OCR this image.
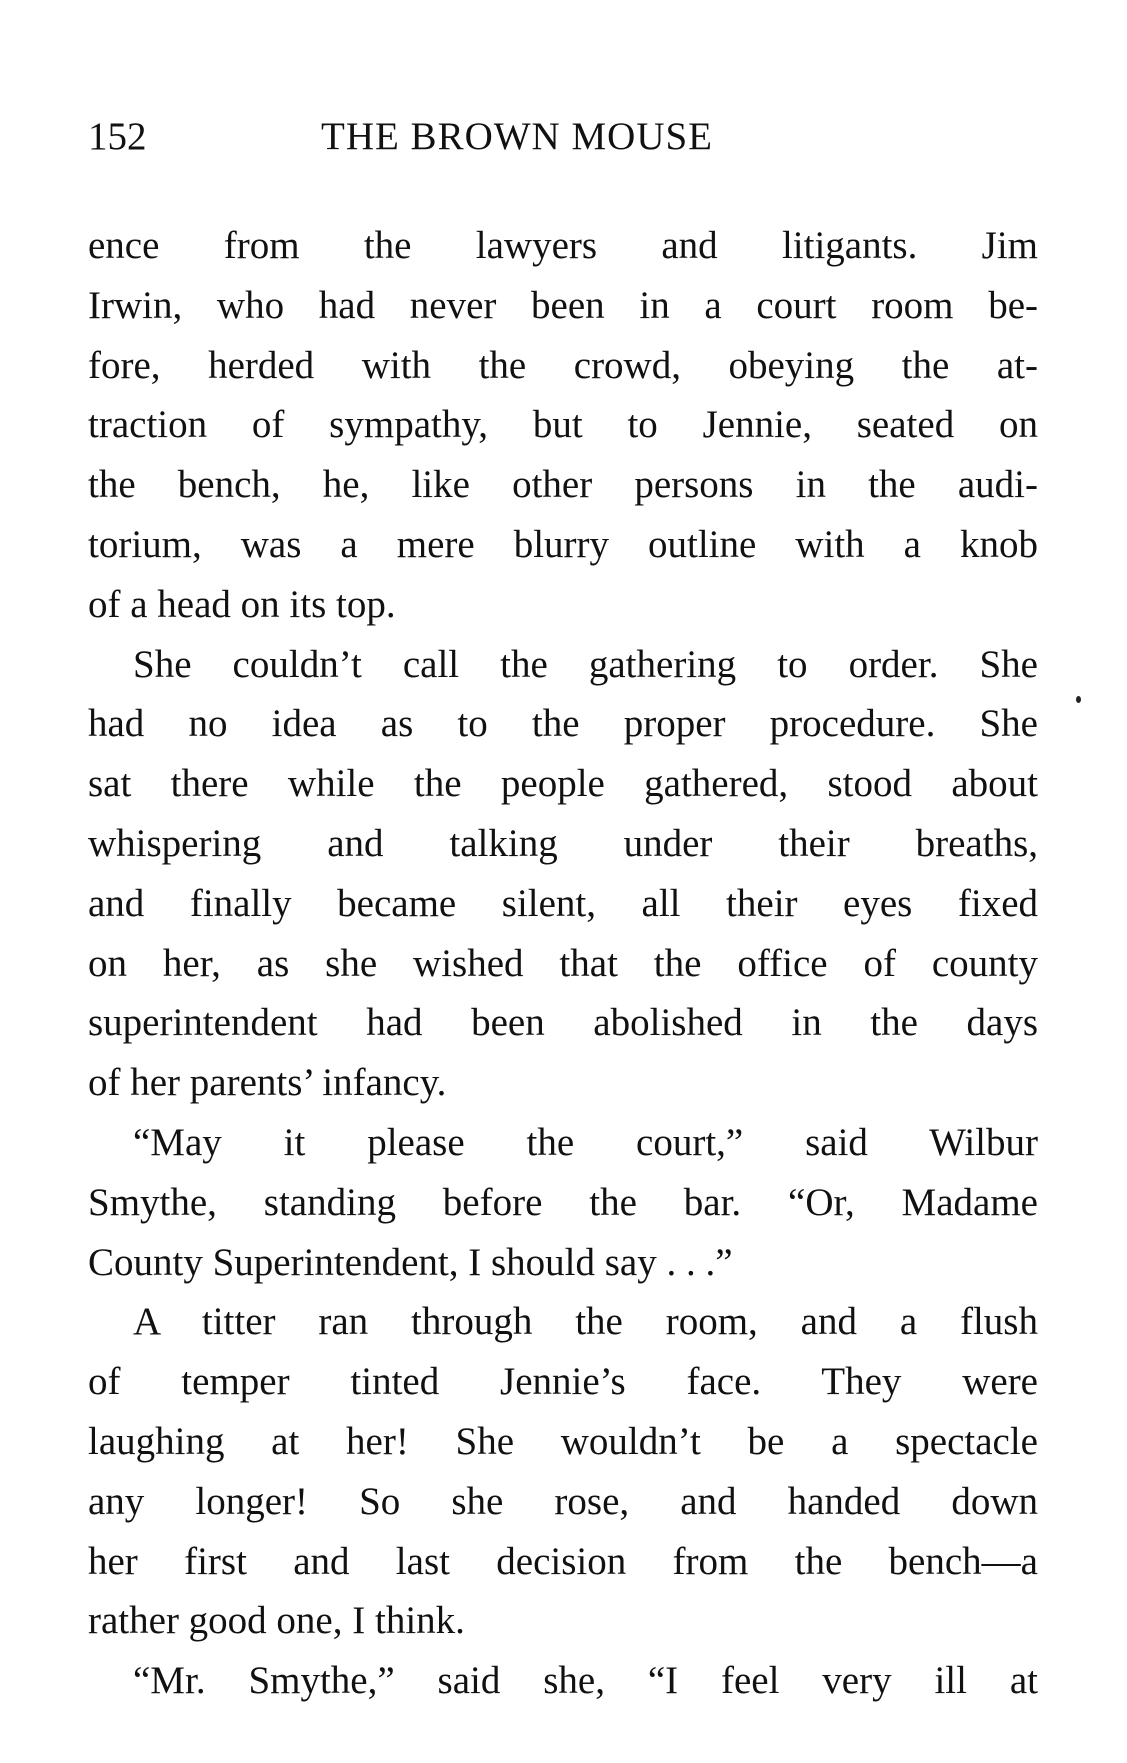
152	THE BROWN MOUSE
ence from the lawyers and litigants. Jim
Irwin, who had never been in a court room be-
fore, herded with the crowd, obeying the at-
traction of sympathy, but to Jennie, seated on
the bench, he, like other persons in the audi-
torium, was a mere blurry outline with a knob
of a head on its top.
She couldn’t call the gathering to order. She
had no idea as to the proper procedure. She
sat there while the people gathered, stood about
whispering and talking under their breaths,
and finally became silent, all their eyes fixed
on her, as she wished that the office of county
superintendent had been abolished in the days
of her parents’ infancy.
“May it please the court,” said Wilbur
Smythe, standing before the bar. “Or, Madame
County Superintendent, I should say . . .”
A titter ran through the room, and a flush
of temper tinted Jennie’s face. They were
laughing at her! She wouldn’t be a spectacle
any longer! So she rose, and handed down
her first and last decision from the bench—a
rather good one, I think.
“Mr. Smythe,” said she, “I feel very ill at
